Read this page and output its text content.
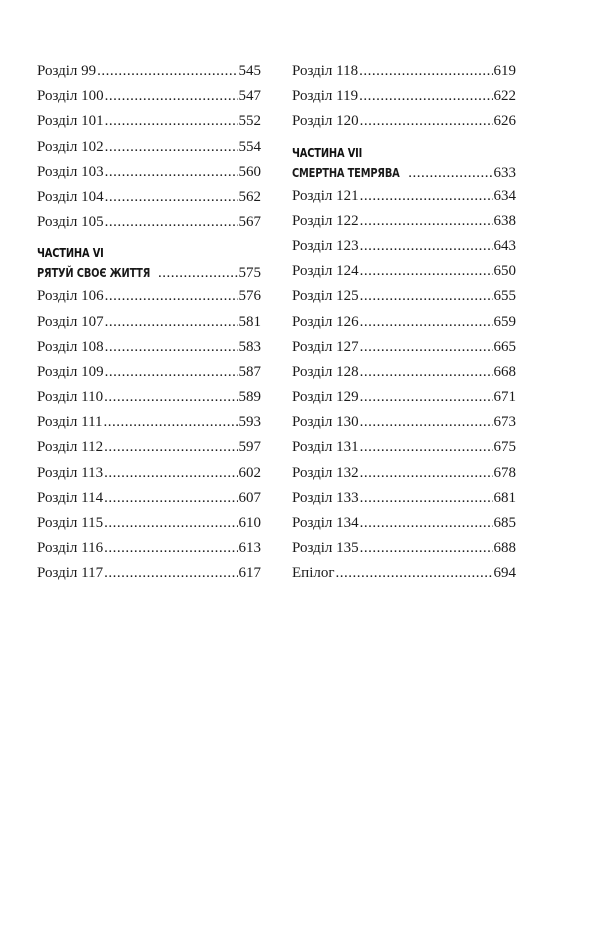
Розділ 99 .....	545
Розділ 100 .....	547
Розділ 101 .....	552
Розділ 102 .....	554
Розділ 103 .....	560
Розділ 104 .....	562
Розділ 105 .....	567
ЧАСТИНА VI
РЯТУЙ СВОЄ ЖИТТЯ .....	575
Розділ 106 .....	576
Розділ 107 .....	581
Розділ 108 .....	583
Розділ 109 .....	587
Розділ 110 .....	589
Розділ 111 .....	593
Розділ 112 .....	597
Розділ 113 .....	602
Розділ 114 .....	607
Розділ 115 .....	610
Розділ 116 .....	613
Розділ 117 .....	617
Розділ 118 .....	619
Розділ 119 .....	622
Розділ 120 .....	626
ЧАСТИНА VII
СМЕРТНА ТЕМРЯВА .....	633
Розділ 121 .....	634
Розділ 122 .....	638
Розділ 123 .....	643
Розділ 124 .....	650
Розділ 125 .....	655
Розділ 126 .....	659
Розділ 127 .....	665
Розділ 128 .....	668
Розділ 129 .....	671
Розділ 130 .....	673
Розділ 131 .....	675
Розділ 132 .....	678
Розділ 133 .....	681
Розділ 134 .....	685
Розділ 135 .....	688
Епілог .....	694
